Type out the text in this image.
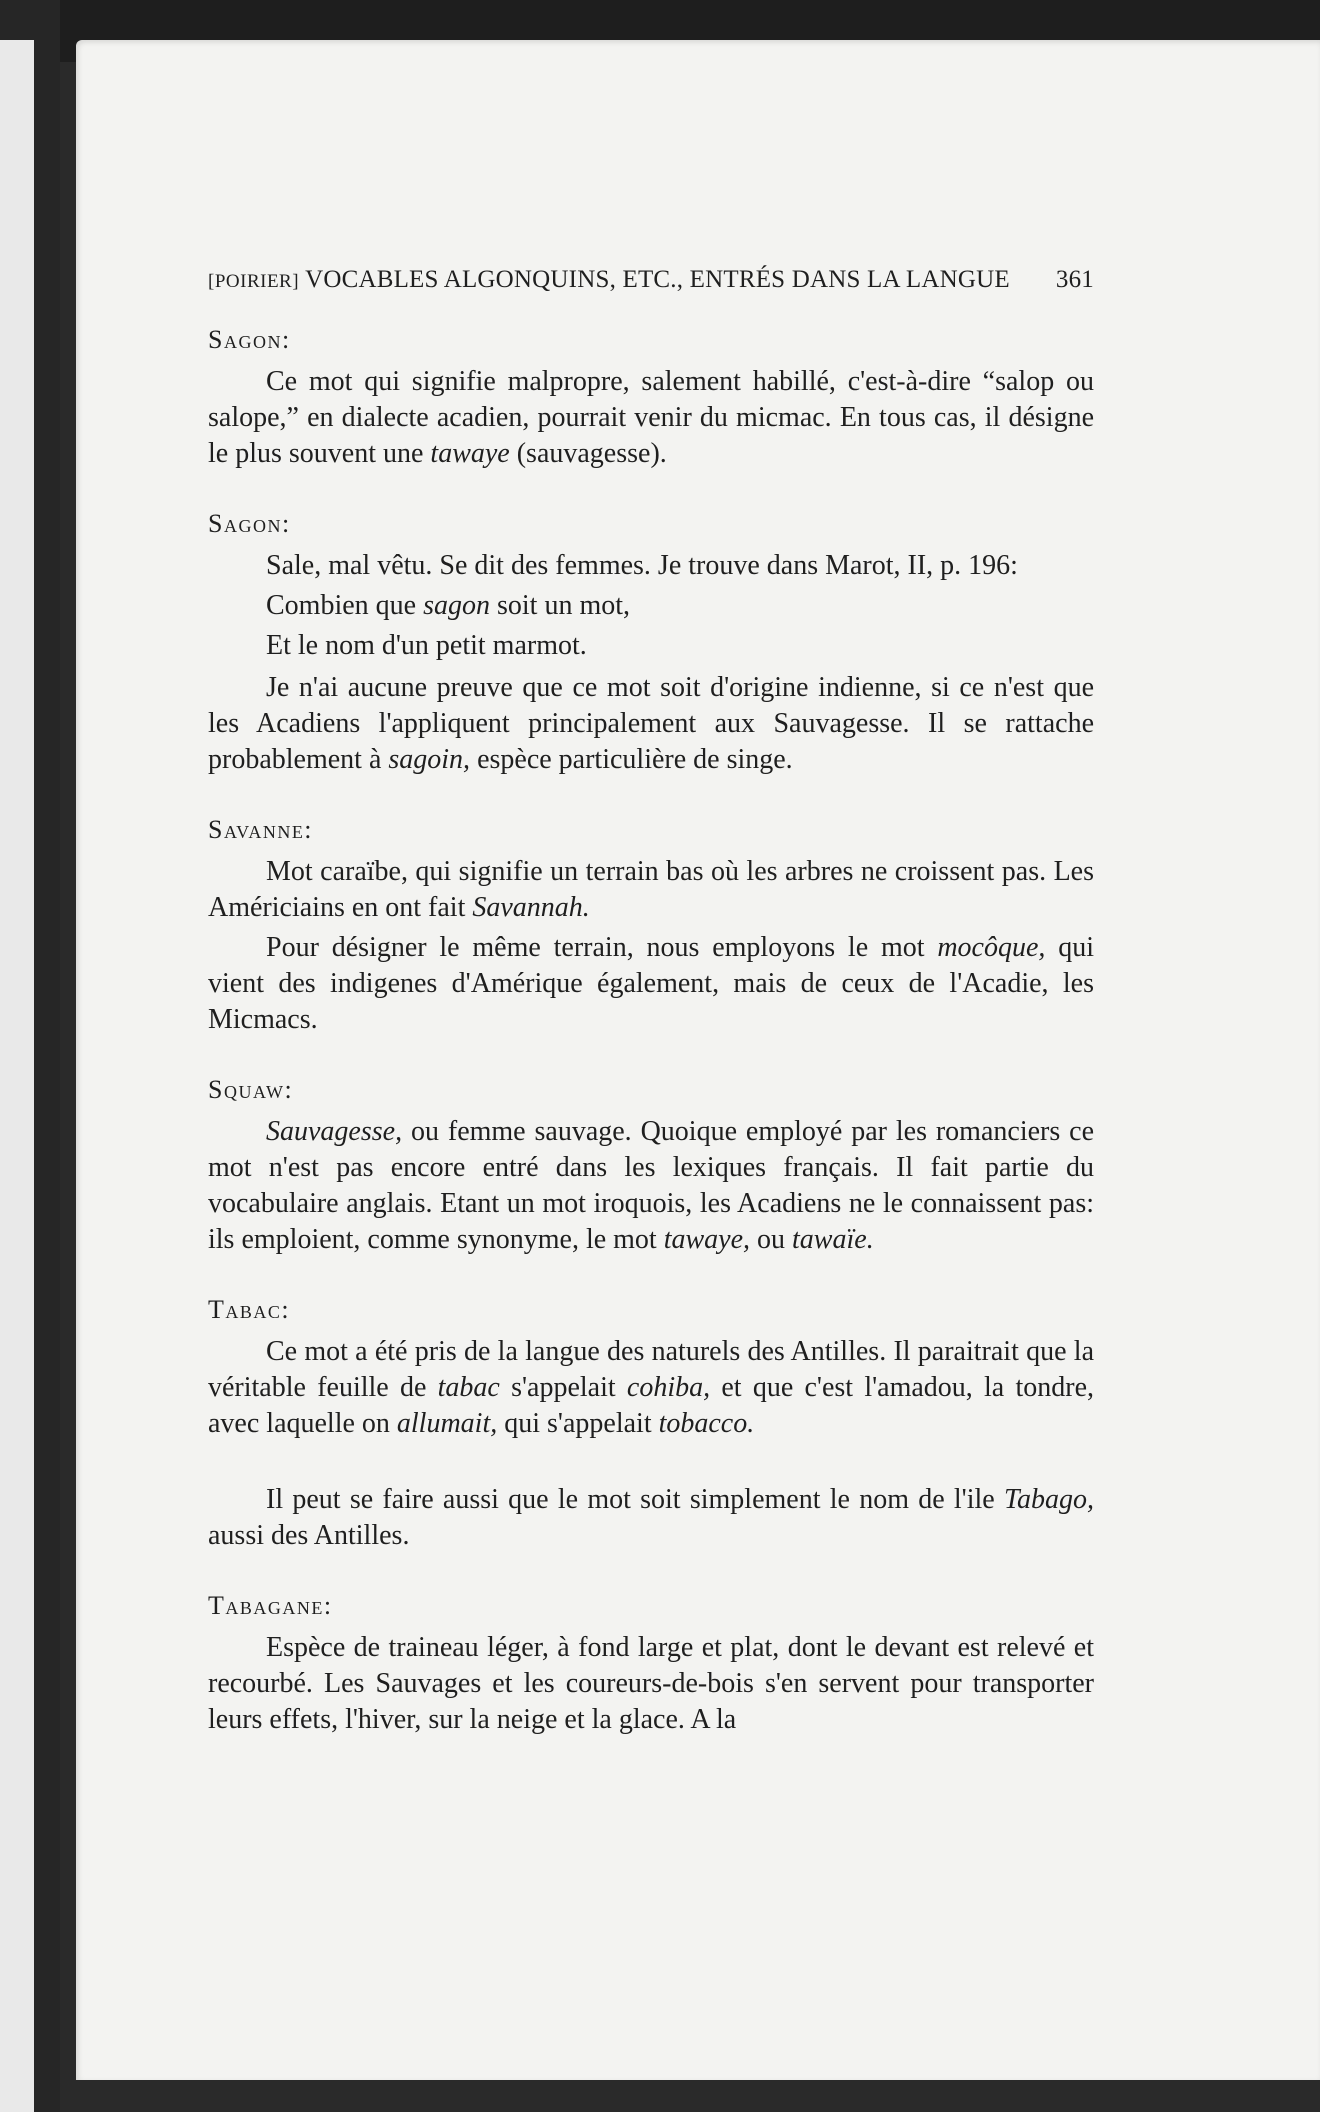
[POIRIER] VOCABLES ALGONQUINS, ETC., ENTRÉS DANS LA LANGUE 361
Sagon:

Ce mot qui signifie malpropre, salement habillé, c'est-à-dire “salop ou salope,” en dialecte acadien, pourrait venir du micmac. En tous cas, il désigne le plus souvent une tawaye (sauvagesse).

Sagon:

Sale, mal vêtu. Se dit des femmes. Je trouve dans Marot, II, p. 196:

Combien que sagon soit un mot,
Et le nom d'un petit marmot.

Je n'ai aucune preuve que ce mot soit d'origine indienne, si ce n'est que les Acadiens l'appliquent principalement aux Sauvagesse. Il se rattache probablement à sagoin, espèce particulière de singe.

Savanne:

Mot caraïbe, qui signifie un terrain bas où les arbres ne croissent pas. Les Américiains en ont fait Savannah.

Pour désigner le même terrain, nous employons le mot mocôque, qui vient des indigenes d'Amérique également, mais de ceux de l'Acadie, les Micmacs.

Squaw:

Sauvagesse, ou femme sauvage. Quoique employé par les romanciers ce mot n'est pas encore entré dans les lexiques français. Il fait partie du vocabulaire anglais. Etant un mot iroquois, les Acadiens ne le connaissent pas: ils emploient, comme synonyme, le mot tawaye, ou tawaïe.

Tabac:

Ce mot a été pris de la langue des naturels des Antilles. Il paraitrait que la véritable feuille de tabac s'appelait cohiba, et que c'est l'amadou, la tondre, avec laquelle on allumait, qui s'appelait tobacco.

Il peut se faire aussi que le mot soit simplement le nom de l'ile Tabago, aussi des Antilles.

Tabagane:

Espèce de traineau léger, à fond large et plat, dont le devant est relevé et recourbé. Les Sauvages et les coureurs-de-bois s'en servent pour transporter leurs effets, l'hiver, sur la neige et la glace. A la
